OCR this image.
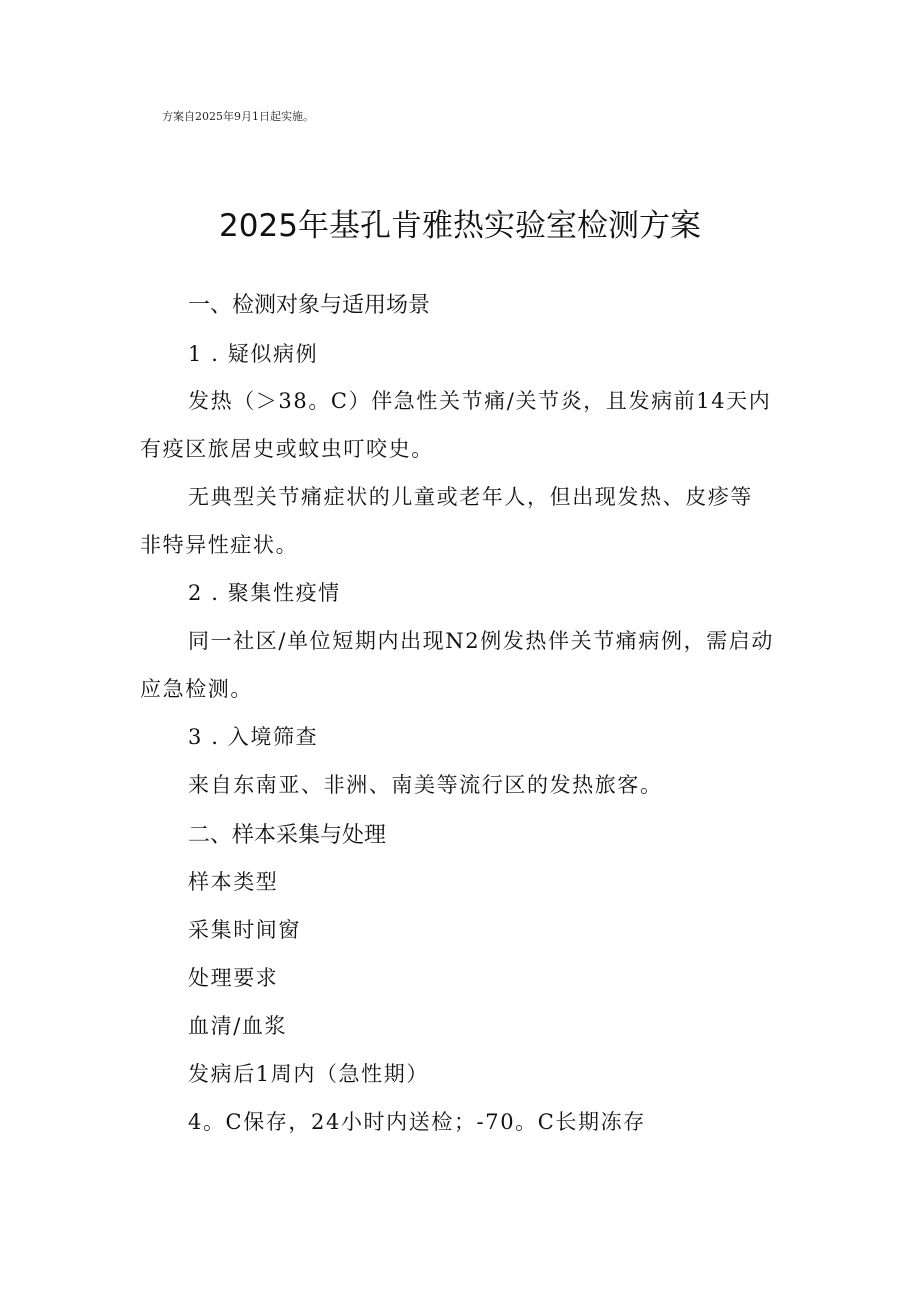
方案自2025年9月1日起实施。
2025年基孔肯雅热实验室检测方案
一、检测对象与适用场景
1 . 疑似病例
发热（＞38。C）伴急性关节痛/关节炎，且发病前14天内
有疫区旅居史或蚊虫叮咬史。
无典型关节痛症状的儿童或老年人，但出现发热、皮疹等
非特异性症状。
2 . 聚集性疫情
同一社区/单位短期内出现N2例发热伴关节痛病例，需启动
应急检测。
3 . 入境筛查
来自东南亚、非洲、南美等流行区的发热旅客。
二、样本采集与处理
样本类型
采集时间窗
处理要求
血清/血浆
发病后1周内（急性期）
4。C保存，24小时内送检；-70。C长期冻存
